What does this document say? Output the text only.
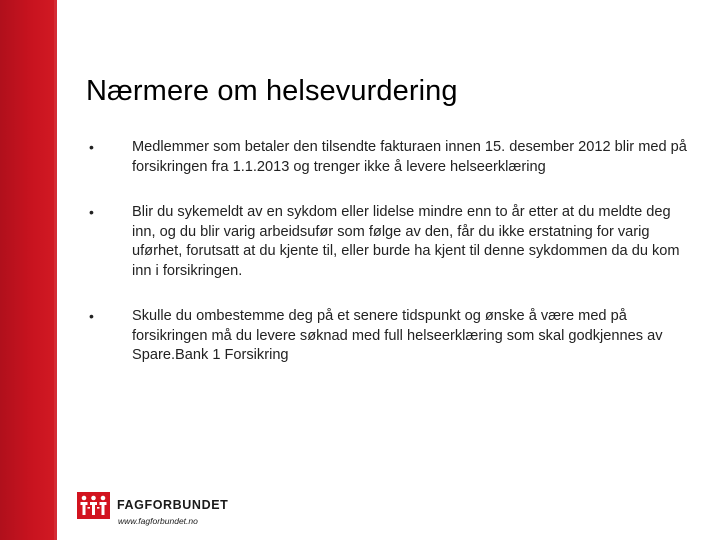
Nærmere om helsevurdering
•	Medlemmer som betaler den tilsendte fakturaen innen 15. desember 2012 blir med på forsikringen fra 1.1.2013 og trenger ikke å levere helseerklæring
•	Blir du sykemeldt av en sykdom eller lidelse mindre enn to år etter at du meldte deg inn, og du blir varig arbeidsufør som følge av den, får du ikke erstatning for varig uførhet, forutsatt at du kjente til, eller burde ha kjent til denne sykdommen da du kom inn i forsikringen.
•	Skulle du ombestemme deg på et senere tidspunkt og ønske å være med på forsikringen må du levere søknad med full helseerklæring som skal godkjennes av Spare.Bank 1 Forsikring
FAGFORBUNDET
www.fagforbundet.no
